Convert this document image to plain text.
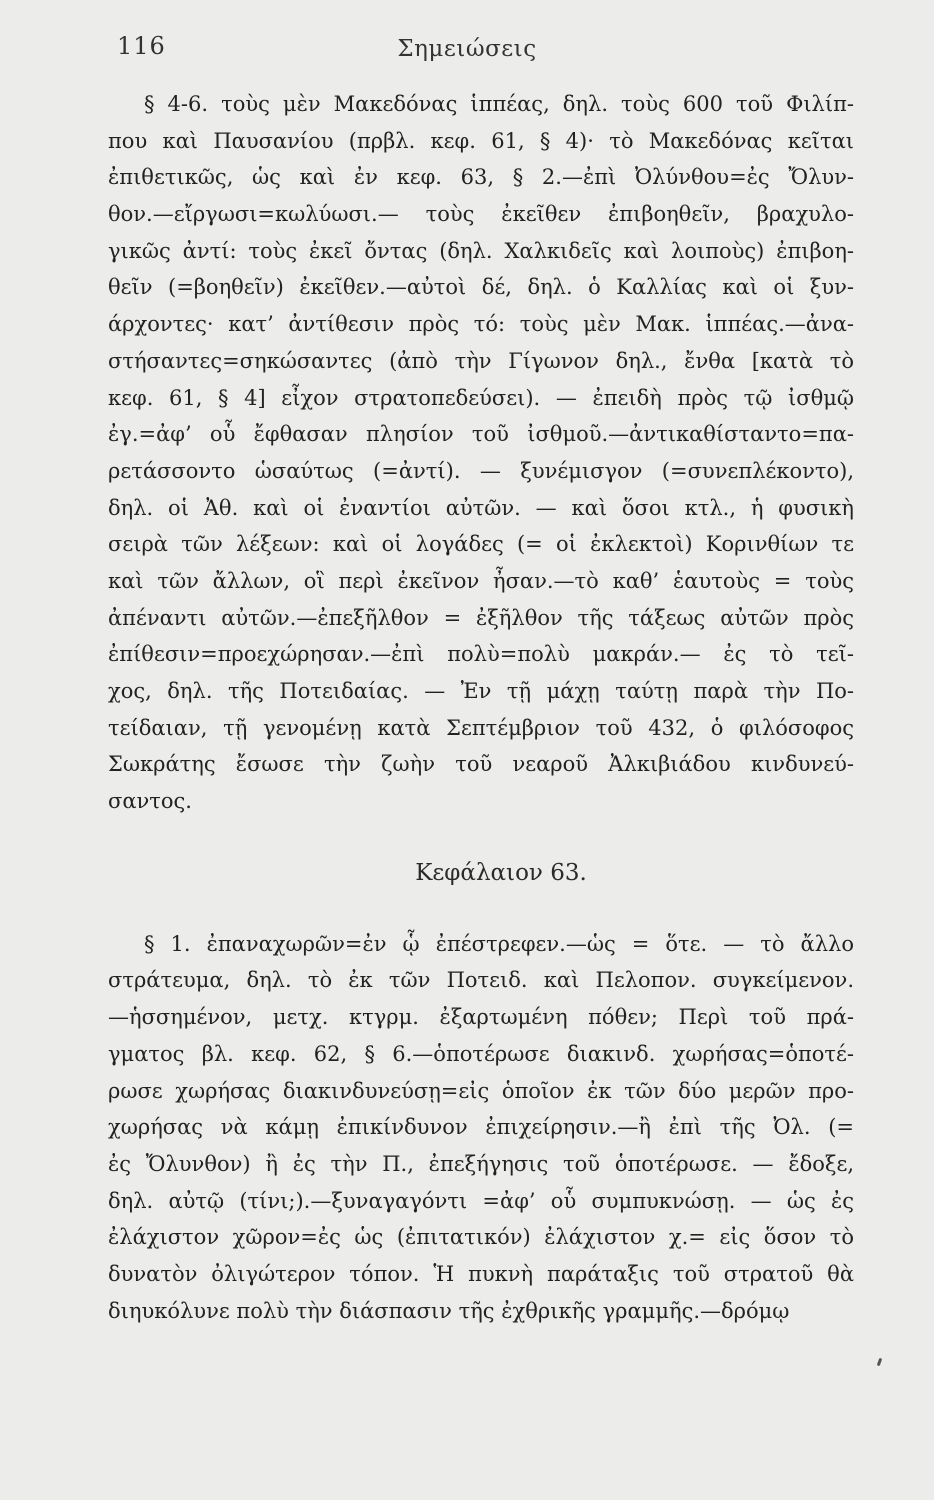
116	Σημειώσεις
§ 4-6. τοὺς μὲν Μακεδόνας ἱππέας, δηλ. τοὺς 600 τοῦ Φιλίπ-
που καὶ Παυσανίου (πρβλ. κεφ. 61, § 4)· τὸ Μακεδόνας κεῖται
ἐπιθετικῶς, ὡς καὶ ἐν κεφ. 63, § 2.—ἐπὶ Ὀλύνθου=ἐς Ὄλυν-
θον.—εἴργωσι=κωλύωσι.— τοὺς ἐκεῖθεν ἐπιβοηθεῖν, βραχυλο-
γικῶς ἀντί: τοὺς ἐκεῖ ὄντας (δηλ. Χαλκιδεῖς καὶ λοιποὺς) ἐπιβοη-
θεῖν (=βοηθεῖν) ἐκεῖθεν.—αὐτοὶ δέ, δηλ. ὁ Καλλίας καὶ οἱ ξυν-
άρχοντες· κατ’ ἀντίθεσιν πρὸς τό: τοὺς μὲν Μακ. ἱππέας.—ἀνα-
στήσαντες=σηκώσαντες (ἀπὸ τὴν Γίγωνον δηλ., ἔνθα [κατὰ τὸ
κεφ. 61, § 4] εἶχον στρατοπεδεύσει). — ἐπειδὴ πρὸς τῷ ἰσθμῷ
ἐγ.=ἀφ’ οὗ ἔφθασαν πλησίον τοῦ ἰσθμοῦ.—ἀντικαθίσταντο=πα-
ρετάσσοντο ὡσαύτως (=ἀντί). — ξυνέμισγον (=συνεπλέκοντο),
δηλ. οἱ Ἀθ. καὶ οἱ ἐναντίοι αὐτῶν. — καὶ ὅσοι κτλ., ἡ φυσικὴ
σειρὰ τῶν λέξεων: καὶ οἱ λογάδες (= οἱ ἐκλεκτοὶ) Κορινθίων τε
καὶ τῶν ἄλλων, οἳ περὶ ἐκεῖνον ἦσαν.—τὸ καθ’ ἑαυτοὺς = τοὺς
ἀπέναντι αὐτῶν.—ἐπεξῆλθον = ἐξῆλθον τῆς τάξεως αὐτῶν πρὸς
ἐπίθεσιν=προεχώρησαν.—ἐπὶ πολὺ=πολὺ μακράν.— ἐς τὸ τεῖ-
χος, δηλ. τῆς Ποτειδαίας. — Ἐν τῇ μάχῃ ταύτῃ παρὰ τὴν Πο-
τείδαιαν, τῇ γενομένῃ κατὰ Σεπτέμβριον τοῦ 432, ὁ φιλόσοφος
Σωκράτης ἔσωσε τὴν ζωὴν τοῦ νεαροῦ Ἀλκιβιάδου κινδυνεύ-
σαντος.
Κεφάλαιον 63.
§ 1. ἐπαναχωρῶν=ἐν ᾧ ἐπέστρεφεν.—ὡς = ὅτε. — τὸ ἄλλο
στράτευμα, δηλ. τὸ ἐκ τῶν Ποτειδ. καὶ Πελοπον. συγκείμενον.
—ἡσσημένον, μετχ. κτγρμ. ἐξαρτωμένη πόθεν; Περὶ τοῦ πρά-
γματος βλ. κεφ. 62, § 6.—ὁποτέρωσε διακινδ. χωρήσας=ὁποτέ-
ρωσε χωρήσας διακινδυνεύσῃ=εἰς ὁποῖον ἐκ τῶν δύο μερῶν προ-
χωρήσας νὰ κάμῃ ἐπικίνδυνον ἐπιχείρησιν.—ἢ ἐπὶ τῆς Ὀλ. (=
ἐς Ὄλυνθον) ἢ ἐς τὴν Π., ἐπεξήγησις τοῦ ὁποτέρωσε. — ἔδοξε,
δηλ. αὐτῷ (τίνι;).—ξυναγαγόντι =ἀφ’ οὗ συμπυκνώσῃ. — ὡς ἐς
ἐλάχιστον χῶρον=ἐς ὡς (ἐπιτατικόν) ἐλάχιστον χ.= εἰς ὅσον τὸ
δυνατὸν ὀλιγώτερον τόπον. Ἡ πυκνὴ παράταξις τοῦ στρατοῦ θὰ
διηυκόλυνε πολὺ τὴν διάσπασιν τῆς ἐχθρικῆς γραμμῆς.—δρόμῳ
